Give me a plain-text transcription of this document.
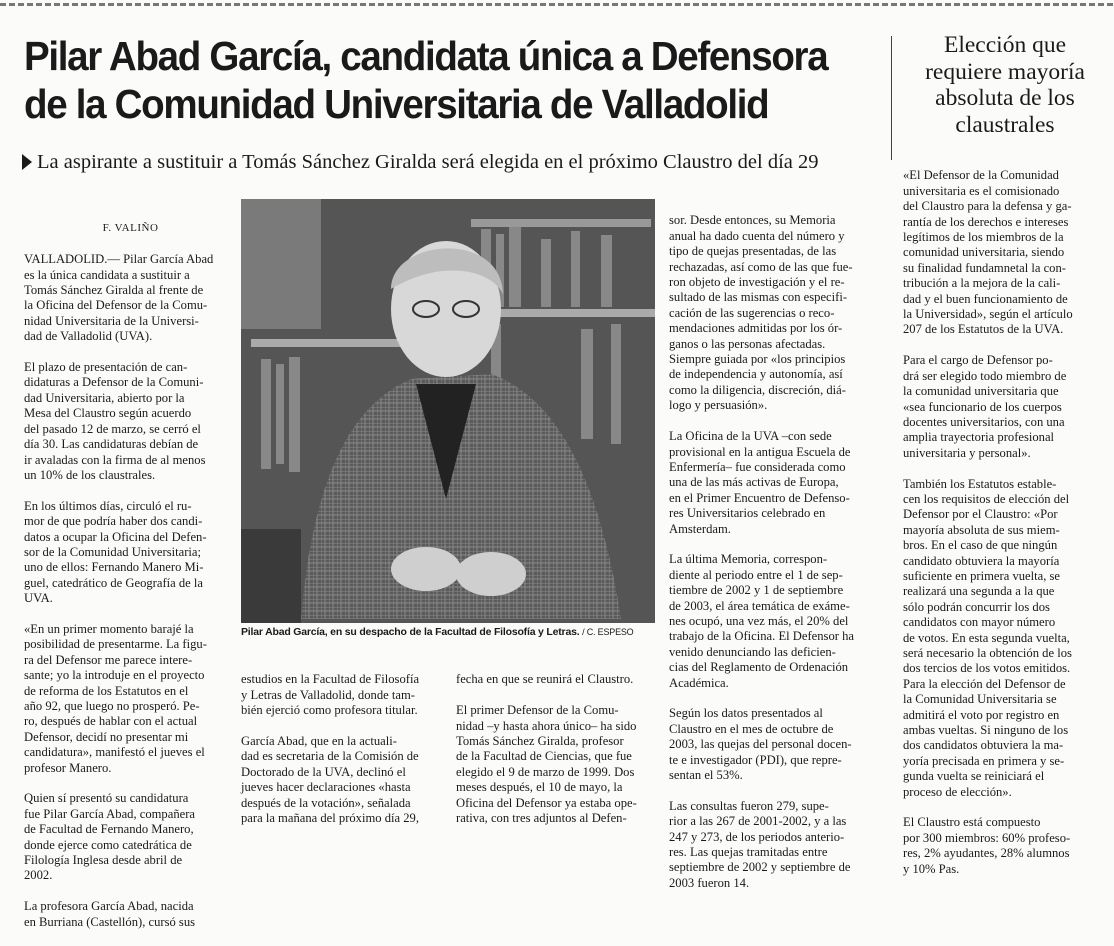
Pilar Abad García, candidata única a Defensora
de la Comunidad Universitaria de Valladolid
La aspirante a sustituir a Tomás Sánchez Giralda será elegida en el próximo Claustro del día 29

F. VALIÑO

VALLADOLID.— Pilar García Abad
es la única candidata a sustituir a
Tomás Sánchez Giralda al frente de
la Oficina del Defensor de la Comu-
nidad Universitaria de la Universi-
dad de Valladolid (UVA).

El plazo de presentación de can-
didaturas a Defensor de la Comuni-
dad Universitaria, abierto por la
Mesa del Claustro según acuerdo
del pasado 12 de marzo, se cerró el
día 30. Las candidaturas debían de
ir avaladas con la firma de al menos
un 10% de los claustrales.

En los últimos días, circuló el ru-
mor de que podría haber dos candi-
datos a ocupar la Oficina del Defen-
sor de la Comunidad Universitaria;
uno de ellos: Fernando Manero Mi-
guel, catedrático de Geografía de la
UVA.

«En un primer momento barajé la
posibilidad de presentarme. La figu-
ra del Defensor me parece intere-
sante; yo la introduje en el proyecto
de reforma de los Estatutos en el
año 92, que luego no prosperó. Pe-
ro, después de hablar con el actual
Defensor, decidí no presentar mi
candidatura», manifestó el jueves el
profesor Manero.

Quien sí presentó su candidatura
fue Pilar García Abad, compañera
de Facultad de Fernando Manero,
donde ejerce como catedrática de
Filología Inglesa desde abril de
2002.

La profesora García Abad, nacida
en Burriana (Castellón), cursó sus

Pilar Abad García, en su despacho de la Facultad de Filosofía y Letras. / C. ESPESO

estudios en la Facultad de Filosofía
y Letras de Valladolid, donde tam-
bién ejerció como profesora titular.

García Abad, que en la actuali-
dad es secretaria de la Comisión de
Doctorado de la UVA, declinó el
jueves hacer declaraciones «hasta
después de la votación», señalada
para la mañana del próximo día 29,

fecha en que se reunirá el Claustro.

El primer Defensor de la Comu-
nidad –y hasta ahora único– ha sido
Tomás Sánchez Giralda, profesor
de la Facultad de Ciencias, que fue
elegido el 9 de marzo de 1999. Dos
meses después, el 10 de mayo, la
Oficina del Defensor ya estaba ope-
rativa, con tres adjuntos al Defen-

sor. Desde entonces, su Memoria
anual ha dado cuenta del número y
tipo de quejas presentadas, de las
rechazadas, así como de las que fue-
ron objeto de investigación y el re-
sultado de las mismas con especifi-
cación de las sugerencias o reco-
mendaciones admitidas por los ór-
ganos o las personas afectadas.
Siempre guiada por «los principios
de independencia y autonomía, así
como la diligencia, discreción, diá-
logo y persuasión».

La Oficina de la UVA –con sede
provisional en la antigua Escuela de
Enfermería– fue considerada como
una de las más activas de Europa,
en el Primer Encuentro de Defenso-
res Universitarios celebrado en
Amsterdam.

La última Memoria, correspon-
diente al periodo entre el 1 de sep-
tiembre de 2002 y 1 de septiembre
de 2003, el área temática de exáme-
nes ocupó, una vez más, el 20% del
trabajo de la Oficina. El Defensor ha
venido denunciando las deficien-
cias del Reglamento de Ordenación
Académica.

Según los datos presentados al
Claustro en el mes de octubre de
2003, las quejas del personal docen-
te e investigador (PDI), que repre-
sentan el 53%.

Las consultas fueron 279, supe-
rior a las 267 de 2001-2002, y a las
247 y 273, de los periodos anterio-
res. Las quejas tramitadas entre
septiembre de 2002 y septiembre de
2003 fueron 14.

Elección que
requiere mayoría
absoluta de los
claustrales

«El Defensor de la Comunidad
universitaria es el comisionado
del Claustro para la defensa y ga-
rantía de los derechos e intereses
legítimos de los miembros de la
comunidad universitaria, siendo
su finalidad fundamnetal la con-
tribución a la mejora de la cali-
dad y el buen funcionamiento de
la Universidad», según el artículo
207 de los Estatutos de la UVA.

Para el cargo de Defensor po-
drá ser elegido todo miembro de
la comunidad universitaria que
«sea funcionario de los cuerpos
docentes universitarios, con una
amplia trayectoria profesional
universitaria y personal».

También los Estatutos estable-
cen los requisitos de elección del
Defensor por el Claustro: «Por
mayoría absoluta de sus miem-
bros. En el caso de que ningún
candidato obtuviera la mayoría
suficiente en primera vuelta, se
realizará una segunda a la que
sólo podrán concurrir los dos
candidatos con mayor número
de votos. En esta segunda vuelta,
será necesario la obtención de los
dos tercios de los votos emitidos.
Para la elección del Defensor de
la Comunidad Universitaria se
admitirá el voto por registro en
ambas vueltas. Si ninguno de los
dos candidatos obtuviera la ma-
yoría precisada en primera y se-
gunda vuelta se reiniciará el
proceso de elección».

El Claustro está compuesto
por 300 miembros: 60% profeso-
res, 2% ayudantes, 28% alumnos
y 10% Pas.
